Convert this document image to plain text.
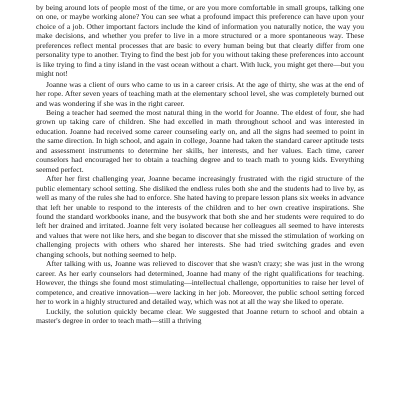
by being around lots of people most of the time, or are you more comfortable in small groups, talking one on one, or maybe working alone? You can see what a profound impact this preference can have upon your choice of a job. Other important factors include the kind of information you naturally notice, the way you make decisions, and whether you prefer to live in a more structured or a more spontaneous way. These preferences reflect mental processes that are basic to every human being but that clearly differ from one personality type to another. Trying to find the best job for you without taking these preferences into account is like trying to find a tiny island in the vast ocean without a chart. With luck, you might get there—but you might not!

Joanne was a client of ours who came to us in a career crisis. At the age of thirty, she was at the end of her rope. After seven years of teaching math at the elementary school level, she was completely burned out and was wondering if she was in the right career.

Being a teacher had seemed the most natural thing in the world for Joanne. The eldest of four, she had grown up taking care of children. She had excelled in math throughout school and was interested in education. Joanne had received some career counseling early on, and all the signs had seemed to point in the same direction. In high school, and again in college, Joanne had taken the standard career aptitude tests and assessment instruments to determine her skills, her interests, and her values. Each time, career counselors had encouraged her to obtain a teaching degree and to teach math to young kids. Everything seemed perfect.

After her first challenging year, Joanne became increasingly frustrated with the rigid structure of the public elementary school setting. She disliked the endless rules both she and the students had to live by, as well as many of the rules she had to enforce. She hated having to prepare lesson plans six weeks in advance that left her unable to respond to the interests of the children and to her own creative inspirations. She found the standard workbooks inane, and the busywork that both she and her students were required to do left her drained and irritated. Joanne felt very isolated because her colleagues all seemed to have interests and values that were not like hers, and she began to discover that she missed the stimulation of working on challenging projects with others who shared her interests. She had tried switching grades and even changing schools, but nothing seemed to help.

After talking with us, Joanne was relieved to discover that she wasn't crazy; she was just in the wrong career. As her early counselors had determined, Joanne had many of the right qualifications for teaching. However, the things she found most stimulating—intellectual challenge, opportunities to raise her level of competence, and creative innovation—were lacking in her job. Moreover, the public school setting forced her to work in a highly structured and detailed way, which was not at all the way she liked to operate.

Luckily, the solution quickly became clear. We suggested that Joanne return to school and obtain a master's degree in order to teach math—still a thriving
